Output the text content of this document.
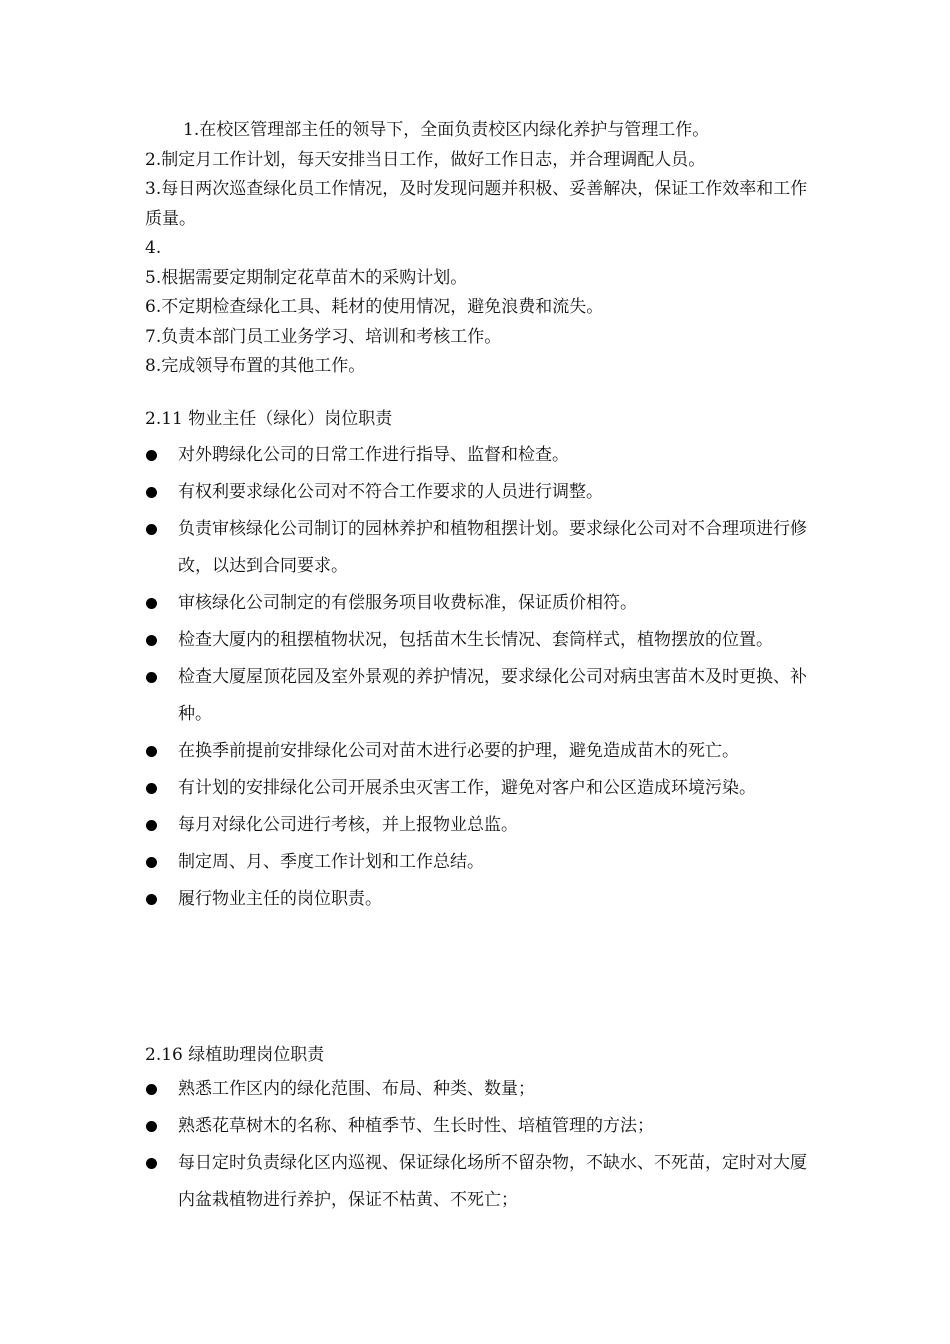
1.在校区管理部主任的领导下，全面负责校区内绿化养护与管理工作。

2.制定月工作计划，每天安排当日工作，做好工作日志，并合理调配人员。

3.每日两次巡查绿化员工作情况，及时发现问题并积极、妥善解决，保证工作效率和工作质量。

4.

5.根据需要定期制定花草苗木的采购计划。

6.不定期检查绿化工具、耗材的使用情况，避免浪费和流失。

7.负责本部门员工业务学习、培训和考核工作。

8.完成领导布置的其他工作。

2.11 物业主任（绿化）岗位职责
对外聘绿化公司的日常工作进行指导、监督和检查。
有权利要求绿化公司对不符合工作要求的人员进行调整。
负责审核绿化公司制订的园林养护和植物租摆计划。要求绿化公司对不合理项进行修改，以达到合同要求。
审核绿化公司制定的有偿服务项目收费标准，保证质价相符。
检查大厦内的租摆植物状况，包括苗木生长情况、套筒样式，植物摆放的位置。
检查大厦屋顶花园及室外景观的养护情况，要求绿化公司对病虫害苗木及时更换、补种。
在换季前提前安排绿化公司对苗木进行必要的护理，避免造成苗木的死亡。
有计划的安排绿化公司开展杀虫灭害工作，避免对客户和公区造成环境污染。
每月对绿化公司进行考核，并上报物业总监。
制定周、月、季度工作计划和工作总结。
履行物业主任的岗位职责。
2.16 绿植助理岗位职责
熟悉工作区内的绿化范围、布局、种类、数量；
熟悉花草树木的名称、种植季节、生长时性、培植管理的方法；
每日定时负责绿化区内巡视、保证绿化场所不留杂物，不缺水、不死苗，定时对大厦内盆栽植物进行养护，保证不枯黄、不死亡；
